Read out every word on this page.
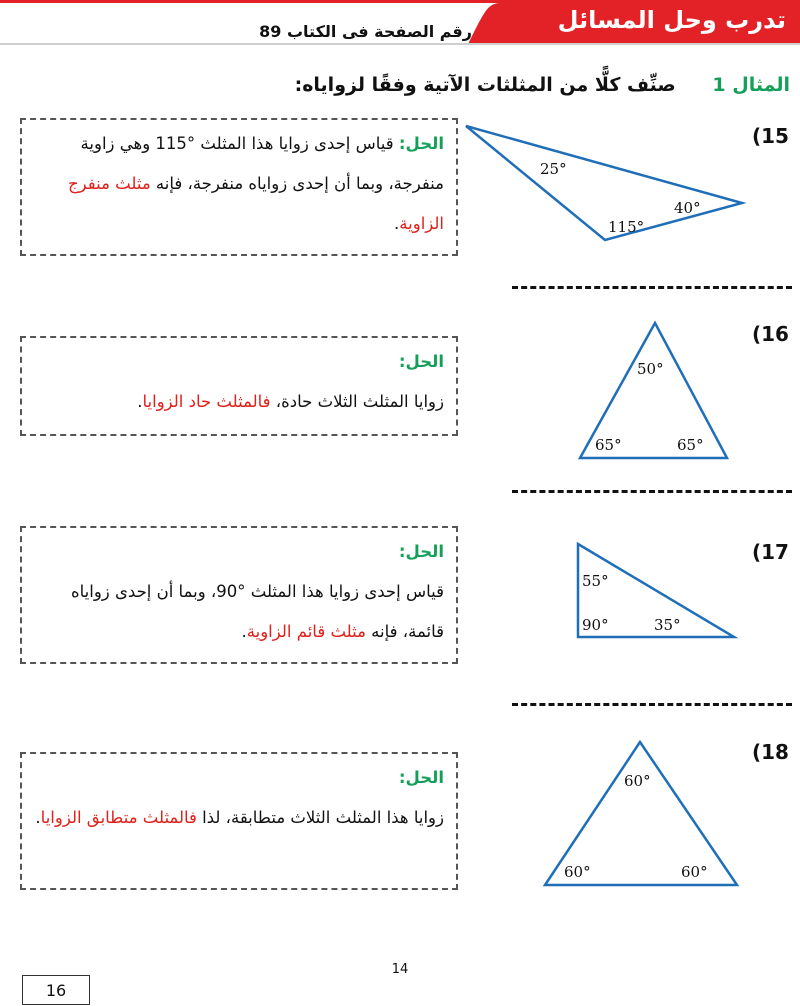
تدرب وحل المسائل
رقم الصفحة فى الكتاب 89
المثال 1 صنِّف كلًّا من المثلثات الآتية وفقًا لزواياه:
(15
25°
40°
115°
الحل: قياس إحدى زوايا هذا المثلث °115 وهي زاوية منفرجة، وبما أن إحدى زواياه منفرجة، فإنه مثلث منفرج الزاوية.
(16
50°
65°	65°
الحل:
زوايا المثلث الثلاث حادة، فالمثلث حاد الزوايا.
(17
55°
90°	35°
الحل:
قياس إحدى زوايا هذا المثلث °90، وبما أن إحدى زواياه قائمة، فإنه مثلث قائم الزاوية.
(18
60°
60°	60°
الحل:
زوايا هذا المثلث الثلاث متطابقة، لذا فالمثلث متطابق الزوايا.
14
16
